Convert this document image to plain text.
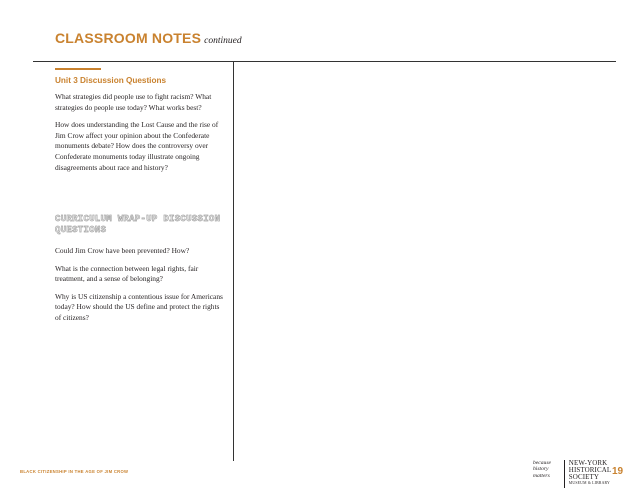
CLASSROOM NOTES continued
Unit 3 Discussion Questions

What strategies did people use to fight racism? What strategies do people use today? What works best?

How does understanding the Lost Cause and the rise of Jim Crow affect your opinion about the Confederate monuments debate? How does the controversy over Confederate monuments today illustrate ongoing disagreements about race and history?

CURRICULUM WRAP-UP DISCUSSION QUESTIONS

Could Jim Crow have been prevented? How?

What is the connection between legal rights, fair treatment, and a sense of belonging?

Why is US citizenship a contentious issue for Americans today? How should the US define and protect the rights of citizens?

BLACK CITIZENSHIP IN THE AGE OF JIM CROW
because
history
matters
NEW-YORK
HISTORICAL
SOCIETY
MUSEUM & LIBRARY
19
